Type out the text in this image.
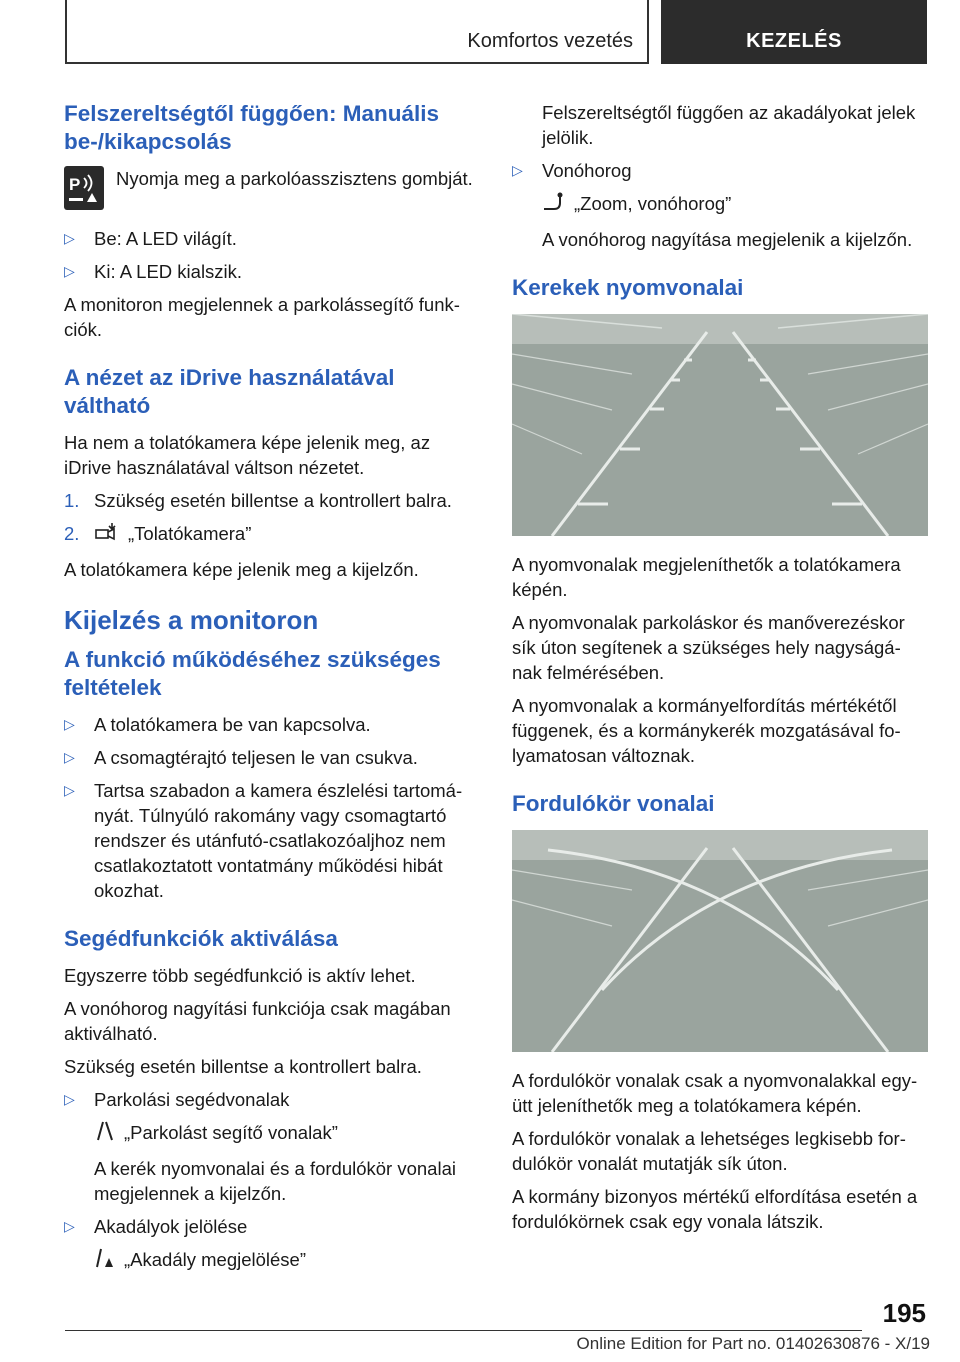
Komfortos vezetés	KEZELÉS
Felszereltségtől függően: Manuális be-/kikapcsolás
P Nyomja meg a parkolóasszisztens gombját.

▷ Be: A LED világít.
▷ Ki: A LED kialszik.

A monitoron megjelennek a parkolássegítő funk-ciók.

A nézet az iDrive használatával váltható

Ha nem a tolatókamera képe jelenik meg, az iDrive használatával váltson nézetet.

1. Szükség esetén billentse a kontrollert balra.
2.	„Tolatókamera”

A tolatókamera képe jelenik meg a kijelzőn.

Kijelzés a monitoron
A funkció működéséhez szükséges feltételek
▷ A tolatókamera be van kapcsolva.
▷ A csomagtérajtó teljesen le van csukva.
▷ Tartsa szabadon a kamera észlelési tartomá-nyát. Túlnyúló rakomány vagy csomagtartó rendszer és utánfutó-csatlakozóaljhoz nem csatlakoztatott vontatmány működési hibát okozhat.
Segédfunkciók aktiválása

Egyszerre több segédfunkció is aktív lehet.

A vonóhorog nagyítási funkciója csak magában aktiválható.

Szükség esetén billentse a kontrollert balra.

▷ Parkolási segédvonalak
„Parkolást segítő vonalak”

A kerék nyomvonalai és a fordulókör vonalai megjelennek a kijelzőn.

▷ Akadályok jelölése
„Akadály megjelölése”

Felszereltségtől függően az akadályokat jelek jelölik.

▷ Vonóhorog
„Zoom, vonóhorog”

A vonóhorog nagyítása megjelenik a kijelzőn.

Kerekek nyomvonalai

A nyomvonalak megjeleníthetők a tolatókamera képén.

A nyomvonalak parkoláskor és manőverezéskor sík úton segítenek a szükséges hely nagyságá-nak felmérésében.

A nyomvonalak a kormányelfordítás mértékétől függenek, és a kormánykerék mozgatásával fo-lyamatosan változnak.

Fordulókör vonalai

A fordulókör vonalak csak a nyomvonalakkal egy-ütt jeleníthetők meg a tolatókamera képén.

A fordulókör vonalak a lehetséges legkisebb for-dulókör vonalát mutatják sík úton.

A kormány bizonyos mértékű elfordítása esetén a fordulókörnek csak egy vonala látszik.

195
Online Edition for Part no. 01402630876 - X/19
